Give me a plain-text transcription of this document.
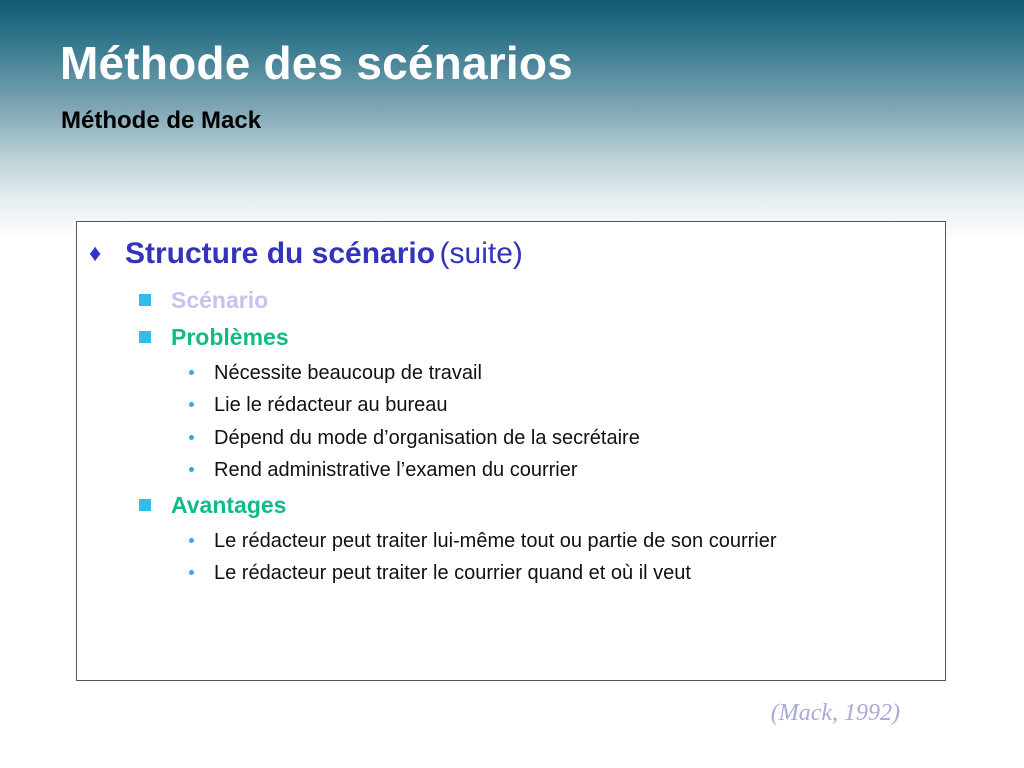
Méthode des scénarios
Méthode de Mack
♦ Structure du scénario (suite)
Scénario
Problèmes
Nécessite beaucoup de travail
Lie le rédacteur au bureau
Dépend du mode d’organisation de la secrétaire
Rend administrative l’examen du courrier
Avantages
Le rédacteur peut traiter lui-même tout ou partie de son courrier
Le rédacteur peut traiter le courrier quand et où il veut
(Mack, 1992)
